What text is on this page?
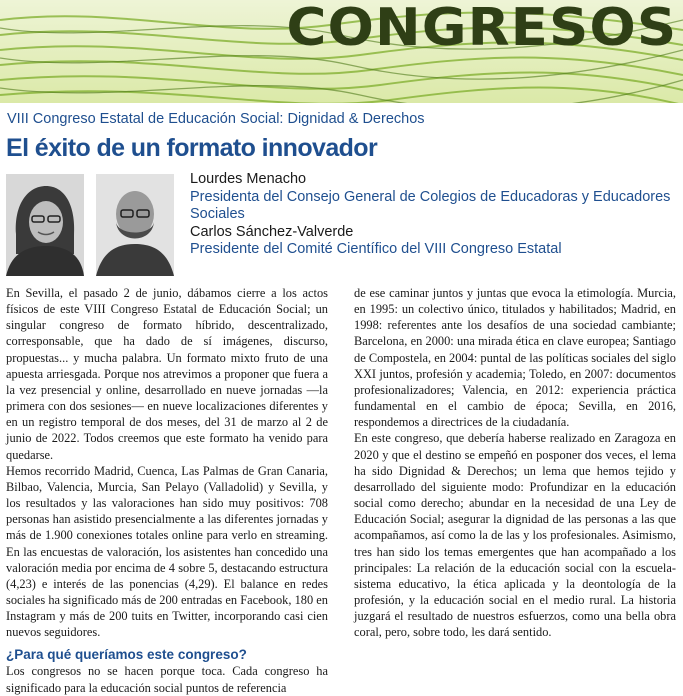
CONGRESOS
VIII Congreso Estatal de Educación Social: Dignidad & Derechos
El éxito de un formato innovador
Lourdes Menacho
Presidenta del Consejo General de Colegios de Educadoras y Educadores Sociales
Carlos Sánchez-Valverde
Presidente del Comité Científico del VIII Congreso Estatal

En Sevilla, el pasado 2 de junio, dábamos cierre a los actos físicos de este VIII Congreso Estatal de Educación Social; un singular congreso de formato híbrido, descentralizado, corresponsable, que ha dado de sí imágenes, discurso, propuestas... y mucha palabra. Un formato mixto fruto de una apuesta arriesgada. Porque nos atrevimos a proponer que fuera a la vez presencial y online, desarrollado en nueve jornadas —la primera con dos sesiones— en nueve localizaciones diferentes y en un registro temporal de dos meses, del 31 de marzo al 2 de junio de 2022. Todos creemos que este formato ha venido para quedarse.

Hemos recorrido Madrid, Cuenca, Las Palmas de Gran Canaria, Bilbao, Valencia, Murcia, San Pelayo (Valladolid) y Sevilla, y los resultados y las valoraciones han sido muy positivos: 708 personas han asistido presencialmente a las diferentes jornadas y más de 1.900 conexiones totales online para verlo en streaming. En las encuestas de valoración, los asistentes han concedido una valoración media por encima de 4 sobre 5, destacando estructura (4,23) e interés de las ponencias (4,29). El balance en redes sociales ha significado más de 200 entradas en Facebook, 180 en Instagram y más de 200 tuits en Twitter, incorporando casi cien nuevos seguidores.

¿Para qué queríamos este congreso?

Los congresos no se hacen porque toca. Cada congreso ha significado para la educación social puntos de referencia

de ese caminar juntos y juntas que evoca la etimología. Murcia, en 1995: un colectivo único, titulados y habilitados; Madrid, en 1998: referentes ante los desafíos de una sociedad cambiante; Barcelona, en 2000: una mirada ética en clave europea; Santiago de Compostela, en 2004: puntal de las políticas sociales del siglo XXI juntos, profesión y academia; Toledo, en 2007: documentos profesionalizadores; Valencia, en 2012: experiencia práctica fundamental en el cambio de época; Sevilla, en 2016, respondemos a directrices de la ciudadanía.

En este congreso, que debería haberse realizado en Zaragoza en 2020 y que el destino se empeñó en posponer dos veces, el lema ha sido Dignidad & Derechos; un lema que hemos tejido y desarrollado del siguiente modo: Profundizar en la educación social como derecho; abundar en la necesidad de una Ley de Educación Social; asegurar la dignidad de las personas a las que acompañamos, así como la de las y los profesionales. Asimismo, tres han sido los temas emergentes que han acompañado a los principales: La relación de la educación social con la escuela-sistema educativo, la ética aplicada y la deontología de la profesión, y la educación social en el medio rural. La historia juzgará el resultado de nuestros esfuerzos, como una bella obra coral, pero, sobre todo, les dará sentido.
